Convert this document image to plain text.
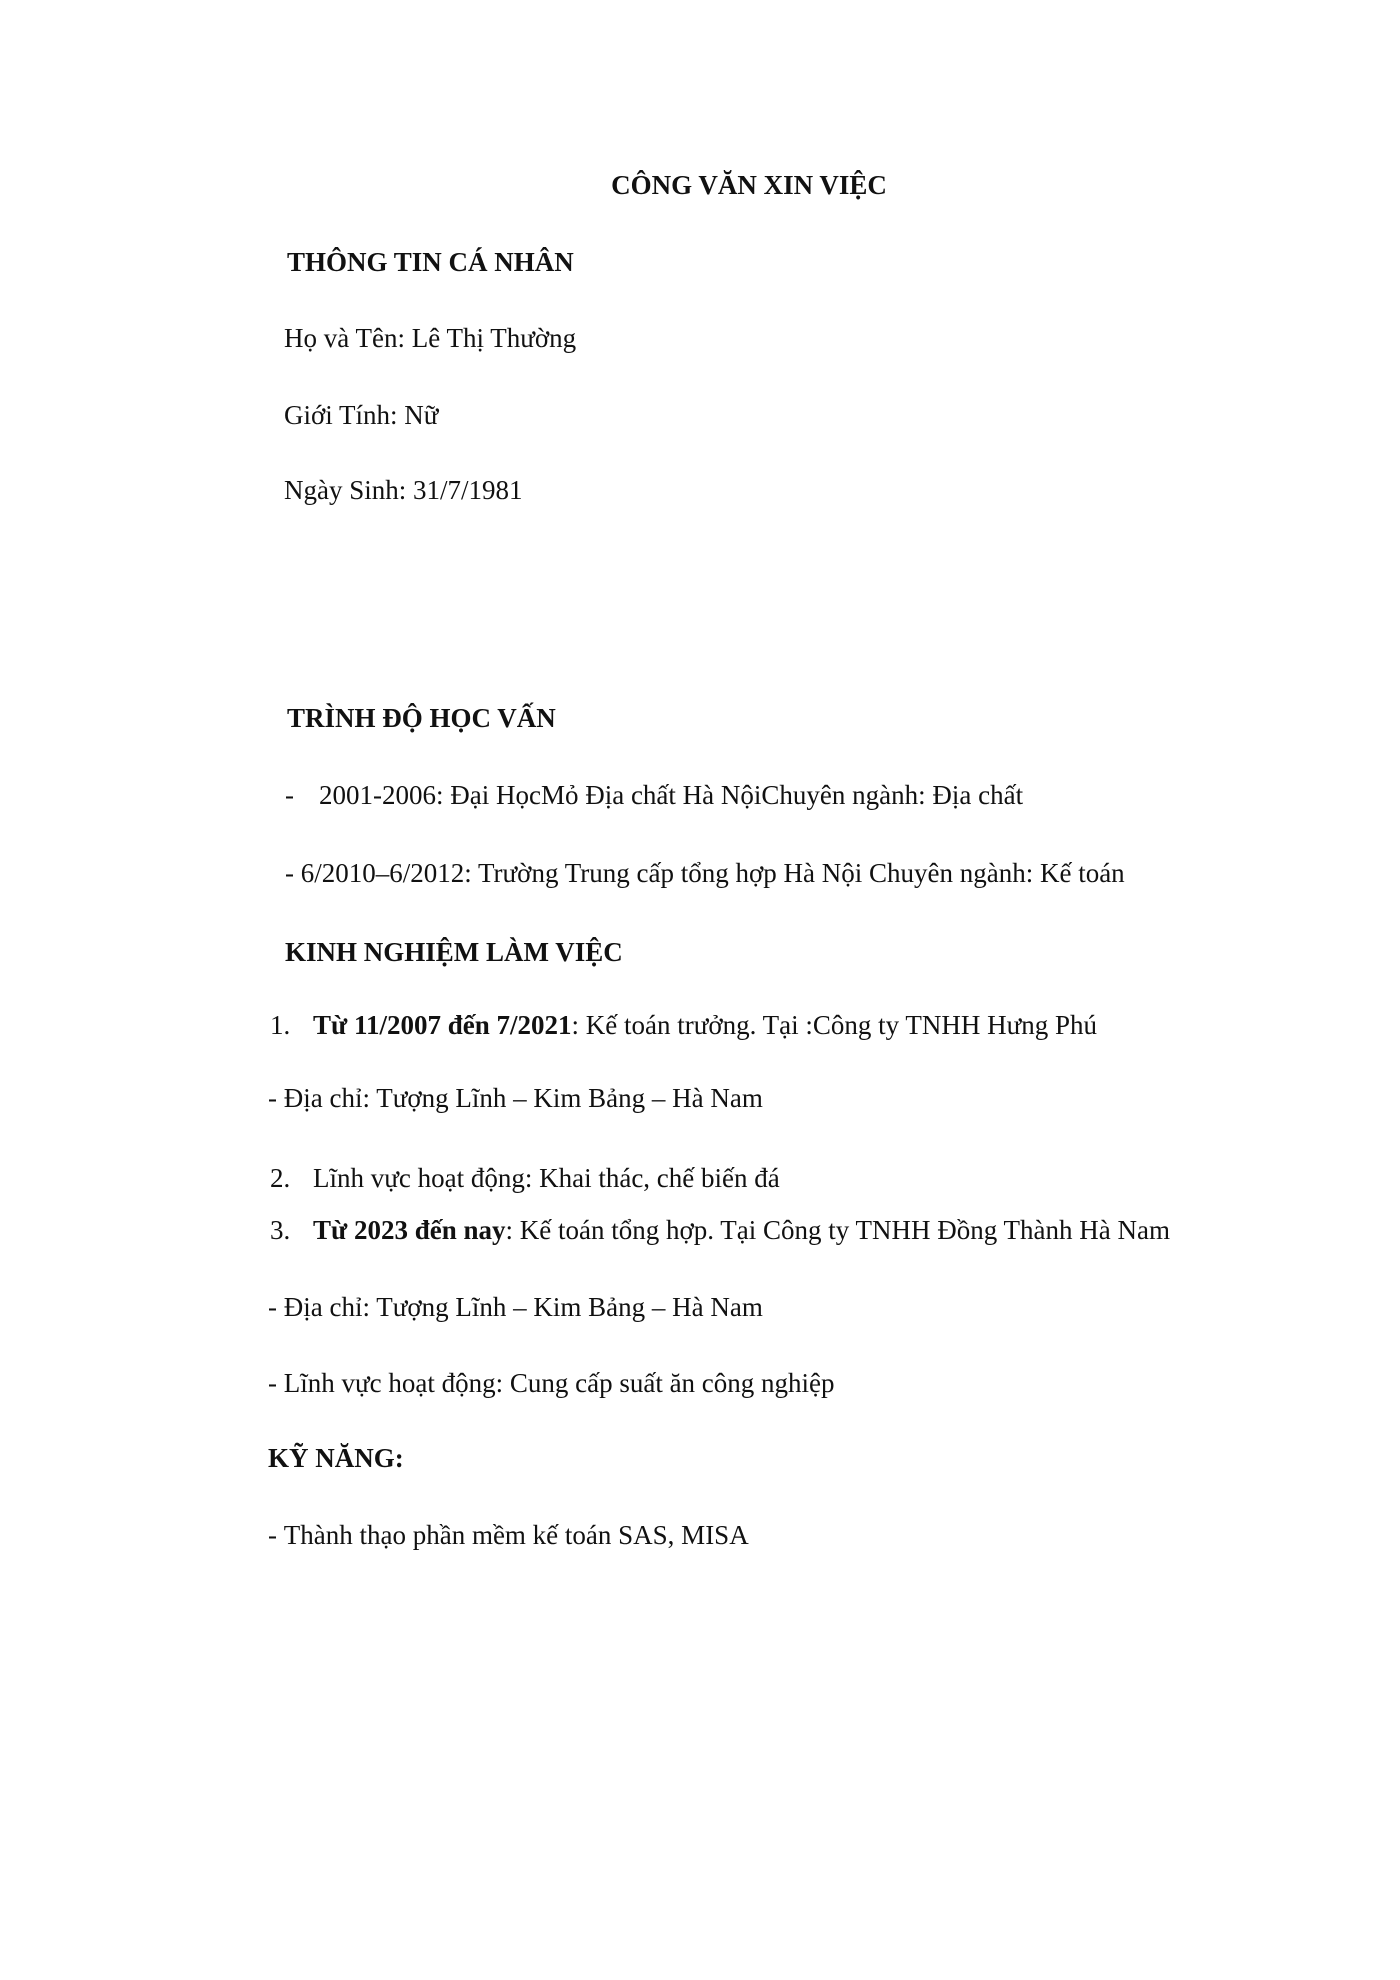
CÔNG VĂN XIN VIỆC
THÔNG TIN CÁ NHÂN
Họ và Tên: Lê Thị Thường
Giới Tính: Nữ
Ngày Sinh: 31/7/1981
TRÌNH ĐỘ HỌC VẤN
- 2001-2006: Đại HọcMỏ Địa chất Hà NộiChuyên ngành: Địa chất
- 6/2010–6/2012: Trường Trung cấp tổng hợp Hà Nội Chuyên ngành: Kế toán
KINH NGHIỆM LÀM VIỆC
1. Từ 11/2007 đến 7/2021: Kế toán trưởng. Tại :Công ty TNHH Hưng Phú
- Địa chỉ: Tượng Lĩnh – Kim Bảng – Hà Nam
2. Lĩnh vực hoạt động: Khai thác, chế biến đá
3. Từ 2023 đến nay: Kế toán tổng hợp. Tại Công ty TNHH Đồng Thành Hà Nam
- Địa chỉ: Tượng Lĩnh – Kim Bảng – Hà Nam
- Lĩnh vực hoạt động: Cung cấp suất ăn công nghiệp
KỸ NĂNG:
- Thành thạo phần mềm kế toán SAS, MISA
